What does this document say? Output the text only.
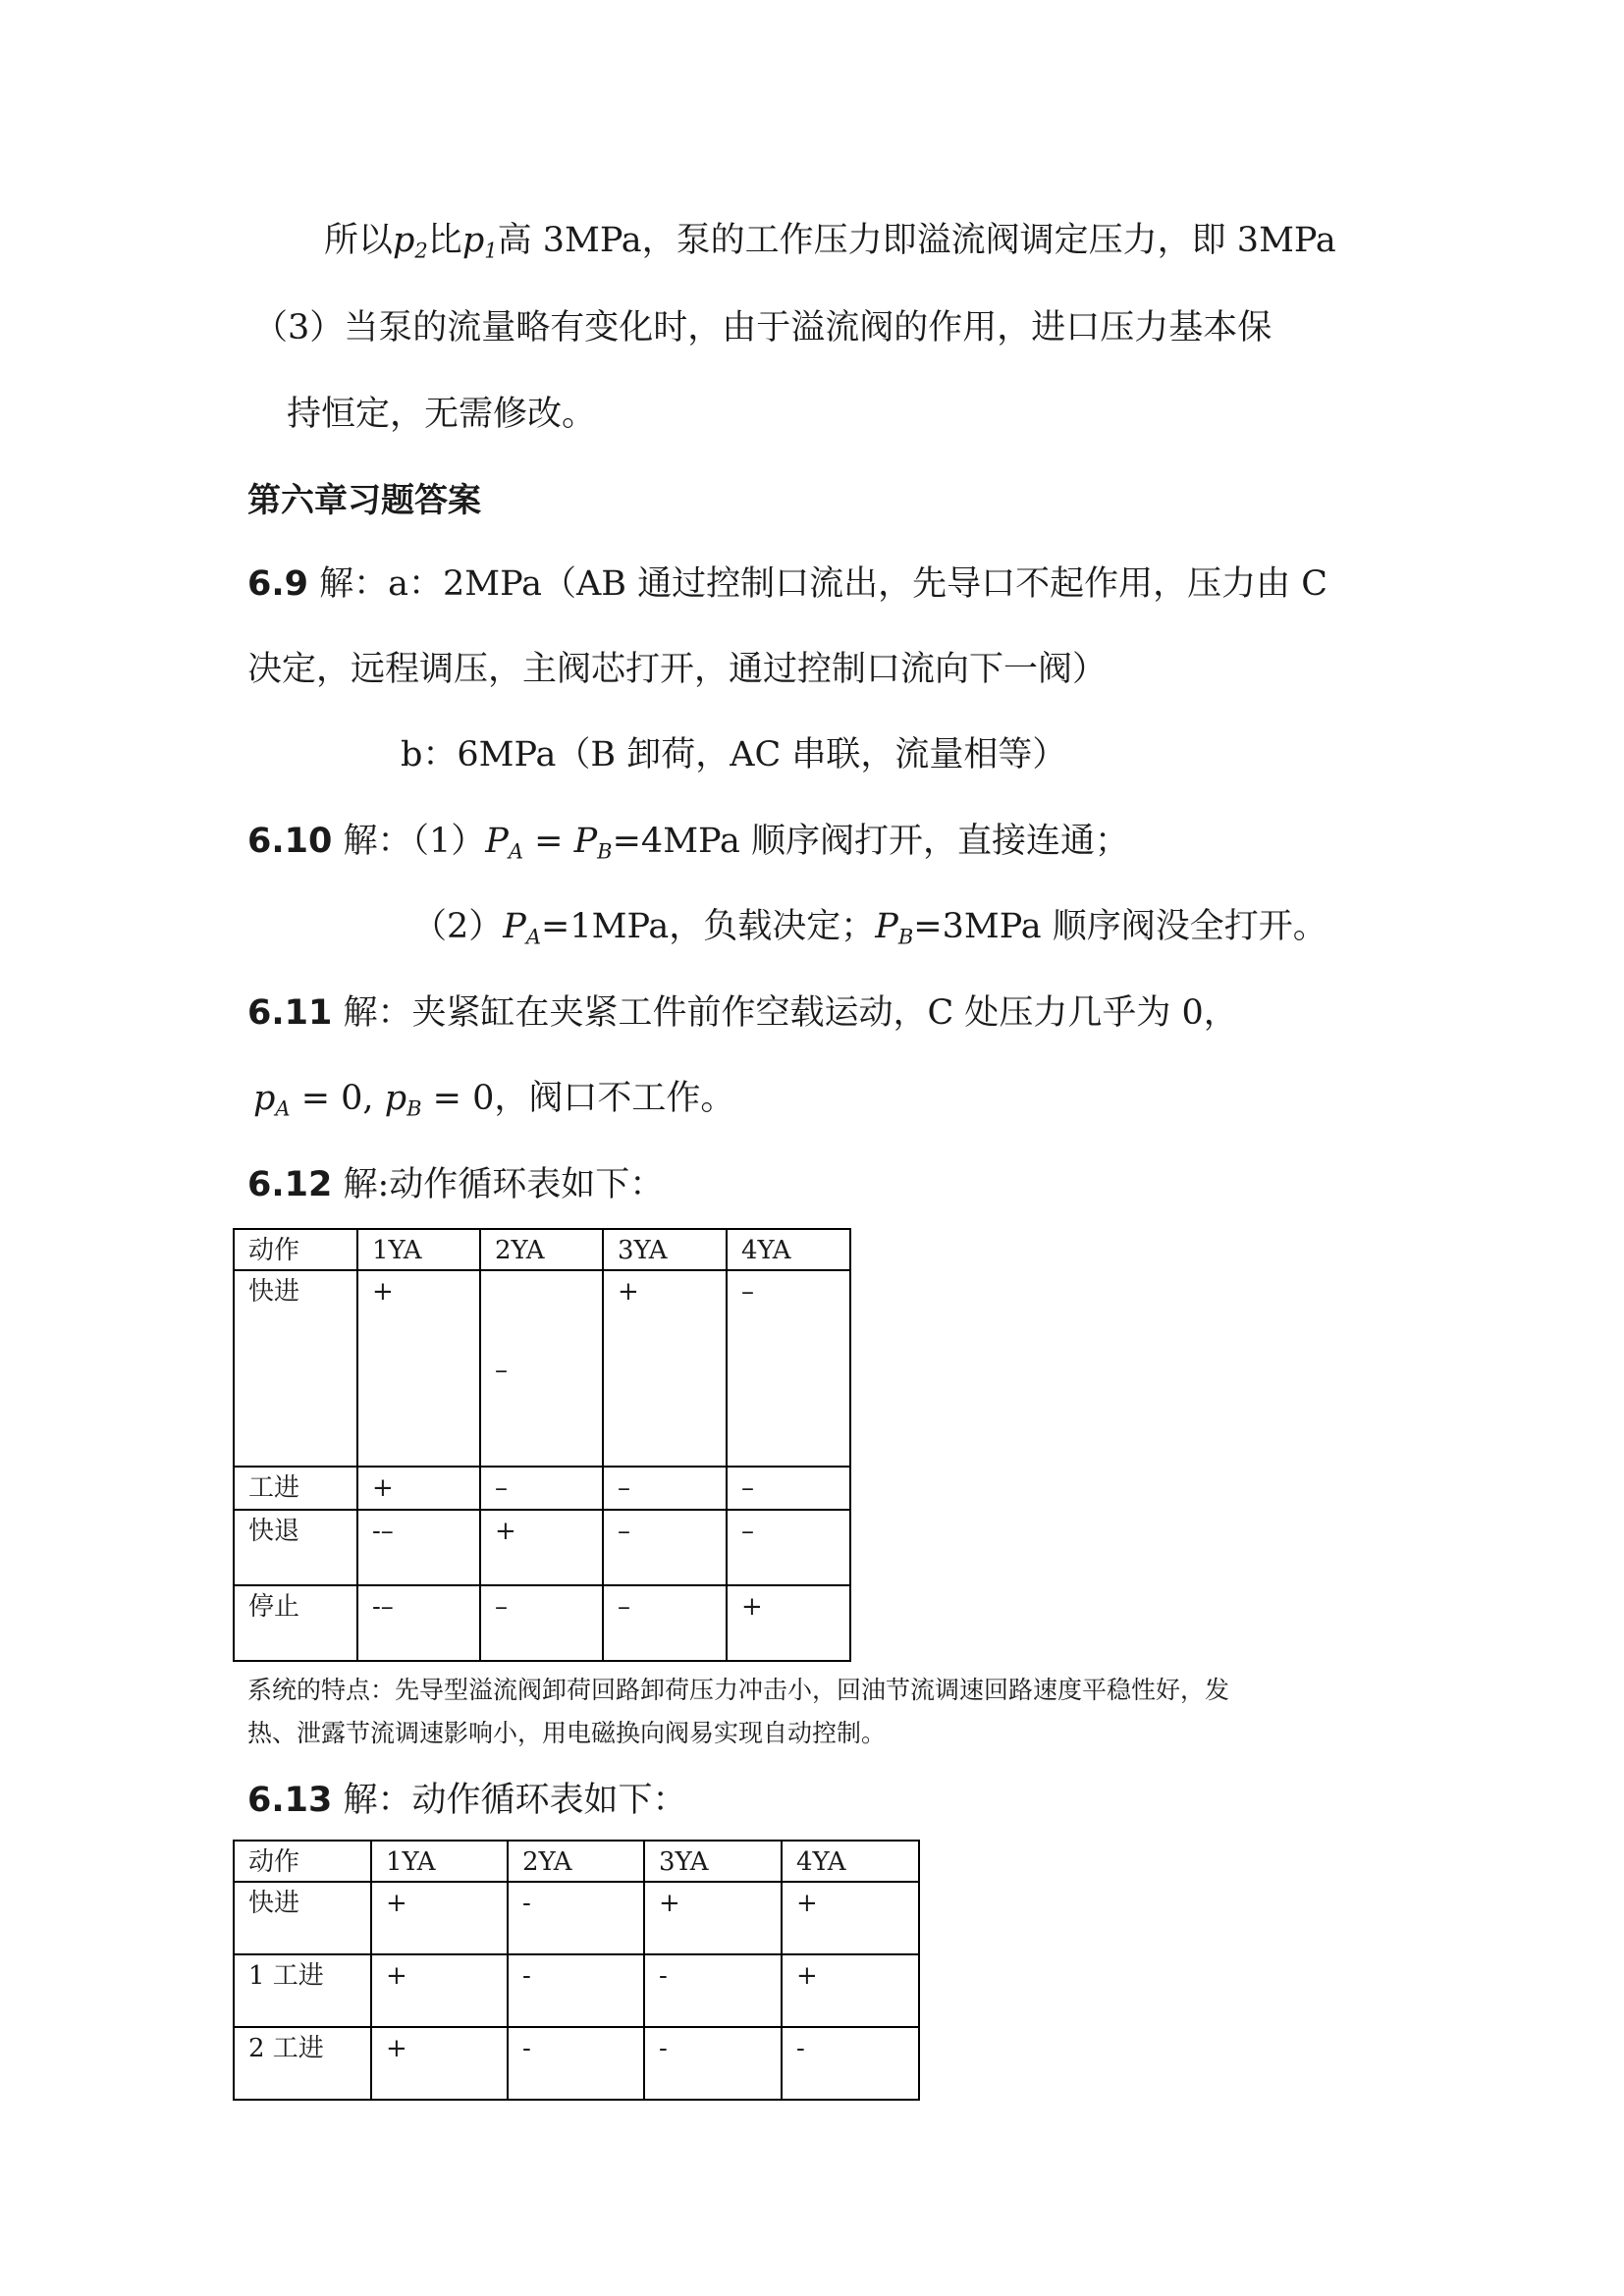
所以$p_2$比$p_1$高 3MPa，泵的工作压力即溢流阀调定压力，即 3MPa
（3）当泵的流量略有变化时，由于溢流阀的作用，进口压力基本保
持恒定，无需修改。
第六章习题答案
6.9 解：a：2MPa（AB 通过控制口流出，先导口不起作用，压力由 C
决定，远程调压，主阀芯打开，通过控制口流向下一阀）
b：6MPa（B 卸荷，AC 串联，流量相等）
6.10 解：$(1)P_A = P_B=4MPa$ 顺序阀打开，直接连通；
$(2)P_A=1MPa$，负载决定；$P_B=3MPa$ 顺序阀没全打开。
6.11 解：夹紧缸在夹紧工件前作空载运动，C 处压力几乎为 0，
$p_A = 0$, $p_B = 0$，阀口不工作。
6.12 解:动作循环表如下：
动作	1YA	2YA	3YA	4YA
快进	+	–	+	–
工进	+	–	–	–
快退	-–	+	–	–
停止	-–	–	–	+
系统的特点：先导型溢流阀卸荷回路卸荷压力冲击小，回油节流调速回路速度平稳性好，发
热、泄露节流调速影响小，用电磁换向阀易实现自动控制。
6.13 解：动作循环表如下：
动作	1YA	2YA	3YA	4YA
快进	+	-	+	+
1 工进	+	-	-	+
2 工进	+	-	-	-
